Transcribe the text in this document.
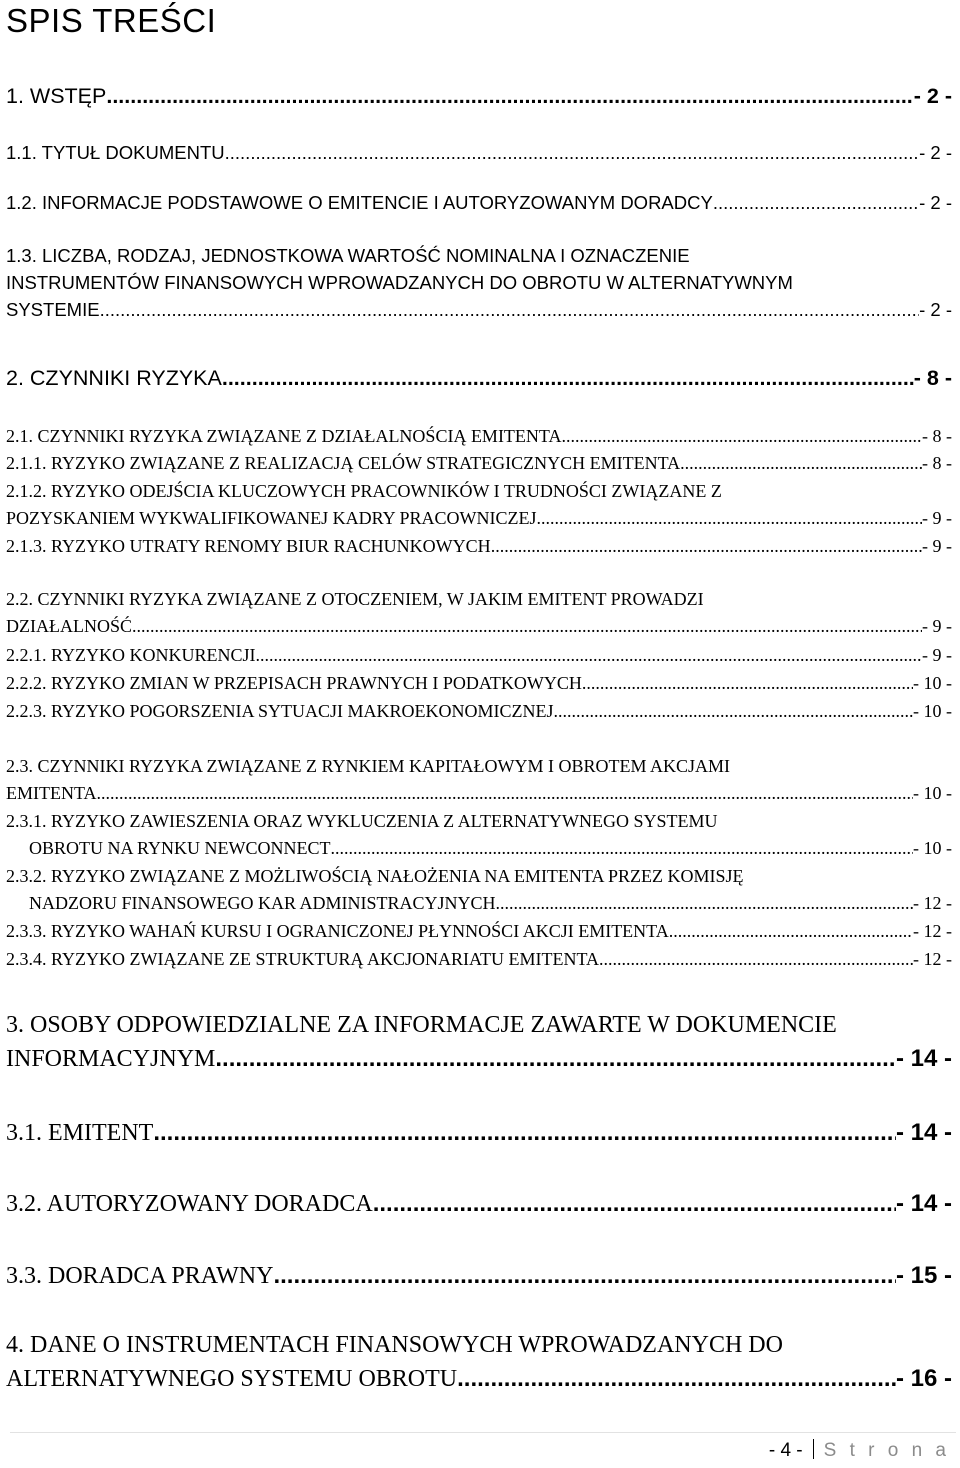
SPIS TREŚCI
1. WSTĘP .....	- 2 -
1.1. TYTUŁ DOKUMENTU. .....	- 2 -
1.2. INFORMACJE PODSTAWOWE O EMITENCIE I AUTORYZOWANYM DORADCY .....	- 2 -
1.3. LICZBA, RODZAJ, JEDNOSTKOWA WARTOŚĆ NOMINALNA I OZNACZENIE
INSTRUMENTÓW FINANSOWYCH WPROWADZANYCH DO OBROTU W ALTERNATYWNYM
SYSTEMIE .....	- 2 -
2. CZYNNIKI RYZYKA .....	- 8 -
2.1. CZYNNIKI RYZYKA ZWIĄZANE Z DZIAŁALNOŚCIĄ EMITENTA .....	- 8 -
2.1.1. RYZYKO ZWIĄZANE Z REALIZACJĄ CELÓW STRATEGICZNYCH EMITENTA .....	- 8 -
2.1.2. RYZYKO ODEJŚCIA KLUCZOWYCH PRACOWNIKÓW I TRUDNOŚCI ZWIĄZANE Z
POZYSKANIEM WYKWALIFIKOWANEJ KADRY PRACOWNICZEJ .....	- 9 -
2.1.3. RYZYKO UTRATY RENOMY BIUR RACHUNKOWYCH .....	- 9 -
2.2. CZYNNIKI RYZYKA ZWIĄZANE Z OTOCZENIEM, W JAKIM EMITENT PROWADZI
DZIAŁALNOŚĆ .....	- 9 -
2.2.1. RYZYKO KONKURENCJI .....	- 9 -
2.2.2. RYZYKO ZMIAN W PRZEPISACH PRAWNYCH I PODATKOWYCH .....	- 10 -
2.2.3. RYZYKO POGORSZENIA SYTUACJI MAKROEKONOMICZNEJ .....	- 10 -
2.3. CZYNNIKI RYZYKA ZWIĄZANE Z RYNKIEM KAPITAŁOWYM I OBROTEM AKCJAMI
EMITENTA .....	- 10 -
2.3.1. RYZYKO ZAWIESZENIA ORAZ WYKLUCZENIA Z ALTERNATYWNEGO SYSTEMU
OBROTU NA RYNKU NEWCONNECT .....	- 10 -
2.3.2. RYZYKO ZWIĄZANE Z MOŻLIWOŚCIĄ NAŁOŻENIA NA EMITENTA PRZEZ KOMISJĘ
NADZORU FINANSOWEGO KAR ADMINISTRACYJNYCH .....	- 12 -
2.3.3. RYZYKO WAHAŃ KURSU I OGRANICZONEJ PŁYNNOŚCI AKCJI EMITENTA .....	- 12 -
2.3.4. RYZYKO ZWIĄZANE ZE STRUKTURĄ AKCJONARIATU EMITENTA .....	- 12 -
3. OSOBY ODPOWIEDZIALNE ZA INFORMACJE ZAWARTE W DOKUMENCIE
INFORMACYJNYM .....	- 14 -
3.1. EMITENT .....	- 14 -
3.2. AUTORYZOWANY DORADCA .....	- 14 -
3.3. DORADCA PRAWNY .....	- 15 -
4. DANE O INSTRUMENTACH FINANSOWYCH WPROWADZANYCH DO
ALTERNATYWNEGO SYSTEMU OBROTU .....	- 16 -
- 4 - S t r o n a
